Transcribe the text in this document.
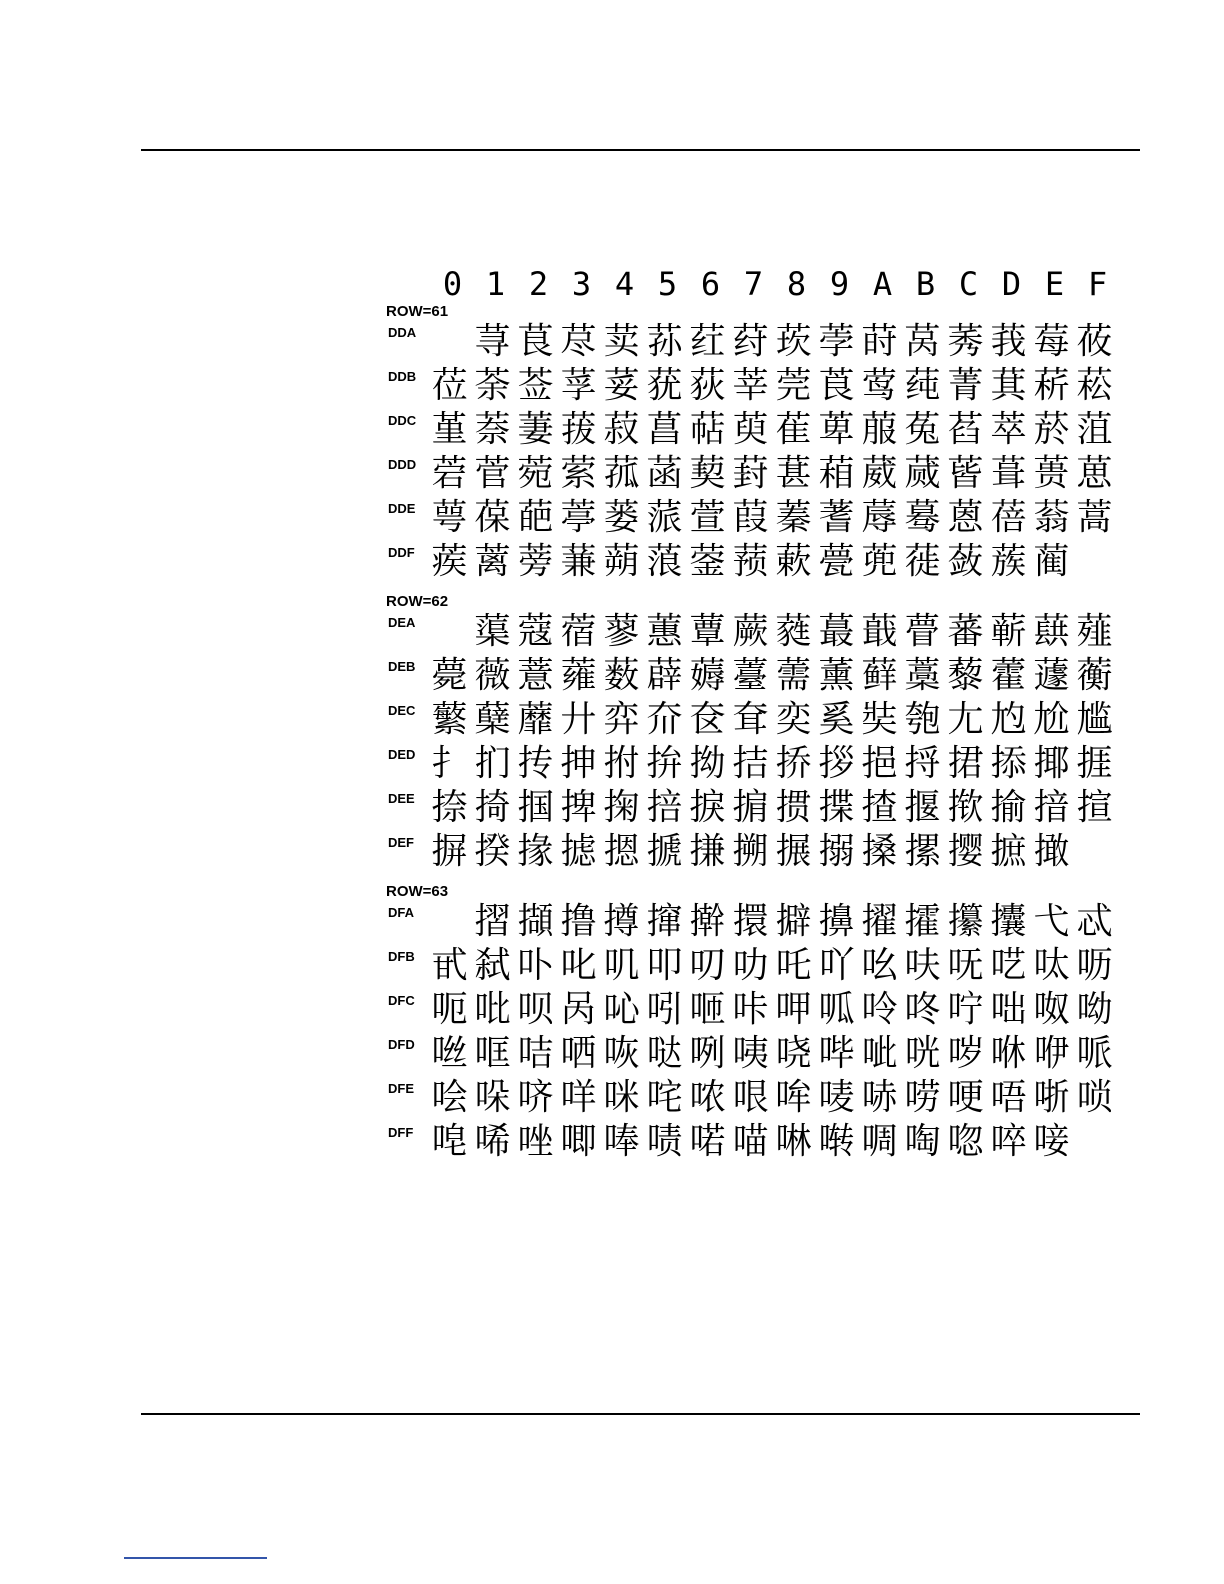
0 1 2 3 4 5 6 7 8 9 A B C D E F
ROW=61
DDA 荨 茛 荩 荬 荪 荭 荮 莰 荸 莳 莴 莠 莪 莓 莜
DDB 莅 荼 莶 莩 荽 莸 荻 莘 莞 莨 莺 莼 菁 萁 菥 菘
DDC 堇 萘 萋 菝 菽 菖 萜 萸 萑 萆 菔 菟 萏 萃 菸 菹
DDD 菪 菅 菀 萦 菰 菡 葜 葑 葚 葙 葳 蒇 蒈 葺 蒉 葸
DDE 萼 葆 葩 葶 蒌 蒎 萱 葭 蓁 蓍 蓐 蓦 蒽 蓓 蓊 蒿
DDF 蒺 蓠 蒡 蒹 蒴 蒗 蓥 蓣 蔌 甍 蔸 蓰 蔹 蔟 蔺
ROW=62
DEA 蕖 蔻 蓿 蓼 蕙 蕈 蕨 蕤 蕞 蕺 瞢 蕃 蕲 蕻 薤
DEB 薨 薇 薏 蕹 薮 薜 薅 薹 薷 薰 藓 藁 藜 藿 蘧 蘅
DEC 蘩 蘖 蘼 廾 弈 夼 奁 耷 奕 奚 奘 匏 尢 尥 尬 尴
DED 扌 扪 抟 抻 拊 拚 拗 拮 挢 拶 挹 捋 捃 掭 揶 捱
DEE 捺 掎 掴 捭 掬 掊 捩 掮 掼 揲 揸 揠 揿 揄 揞 揎
DEF 摒 揆 掾 摅 摁 搋 搛 搠 搌 搦 搡 摞 撄 摭 撖
ROW=63
DFA 摺 擷 撸 撙 撺 擀 擐 擗 擤 擢 攉 攥 攮 弋 忒
DFB 甙 弑 卟 叱 叽 叩 叨 叻 吒 吖 吆 呋 呒 呓 呔 呖
DFC 呃 吡 呗 呙 吣 吲 咂 咔 呷 呱 呤 咚 咛 咄 呶 呦
DFD 咝 哐 咭 哂 咴 哒 咧 咦 哓 哔 呲 咣 哕 咻 咿 哌
DFE 哙 哚 哜 咩 咪 咤 哝 哏 哞 唛 哧 唠 哽 唔 哳 唢
DFF 唣 唏 唑 唧 唪 啧 喏 喵 啉 啭 啁 啕 唿 啐 唼
